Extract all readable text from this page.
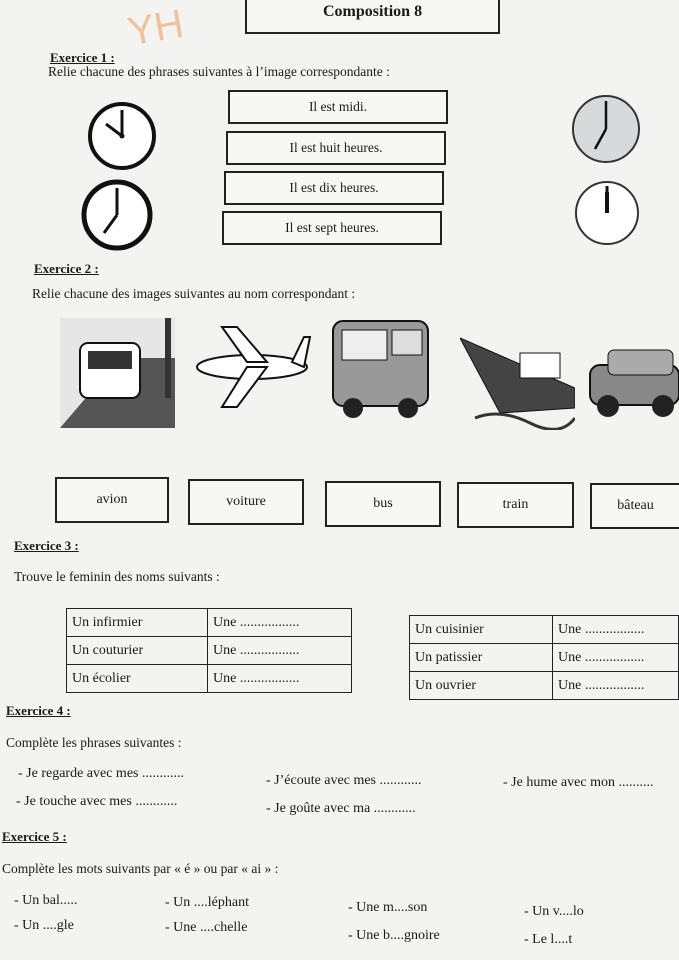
YH	Composition 8
Exercice 1 :
Relie chacune des phrases suivantes à l’image correspondante :
Il est midi.
Il est huit heures.
Il est dix heures.
Il est sept heures.
Exercice 2 :
Relie chacune des images suivantes au nom correspondant :
avion	voiture	bus	train	bâteau
Exercice 3 :
Trouve le feminin des noms suivants :
Un infirmier	Une .................
Un couturier	Une .................
Un écolier	Une .................
Un cuisinier	Une .................
Un patissier	Une .................
Un ouvrier	Une .................
Exercice 4 :
Complète les phrases suivantes :
- Je regarde avec mes ............	- J’écoute avec mes ............	- Je hume avec mon ..........
- Je touche avec mes ............	- Je goûte avec ma ............
Exercice 5 :
Complète les mots suivants par « é » ou par « ai » :
- Un bal.....	- Un ....léphant	- Une m....son	- Un v....lo
- Un ....gle	- Une ....chelle
- Une b....gnoire	- Le l....t
